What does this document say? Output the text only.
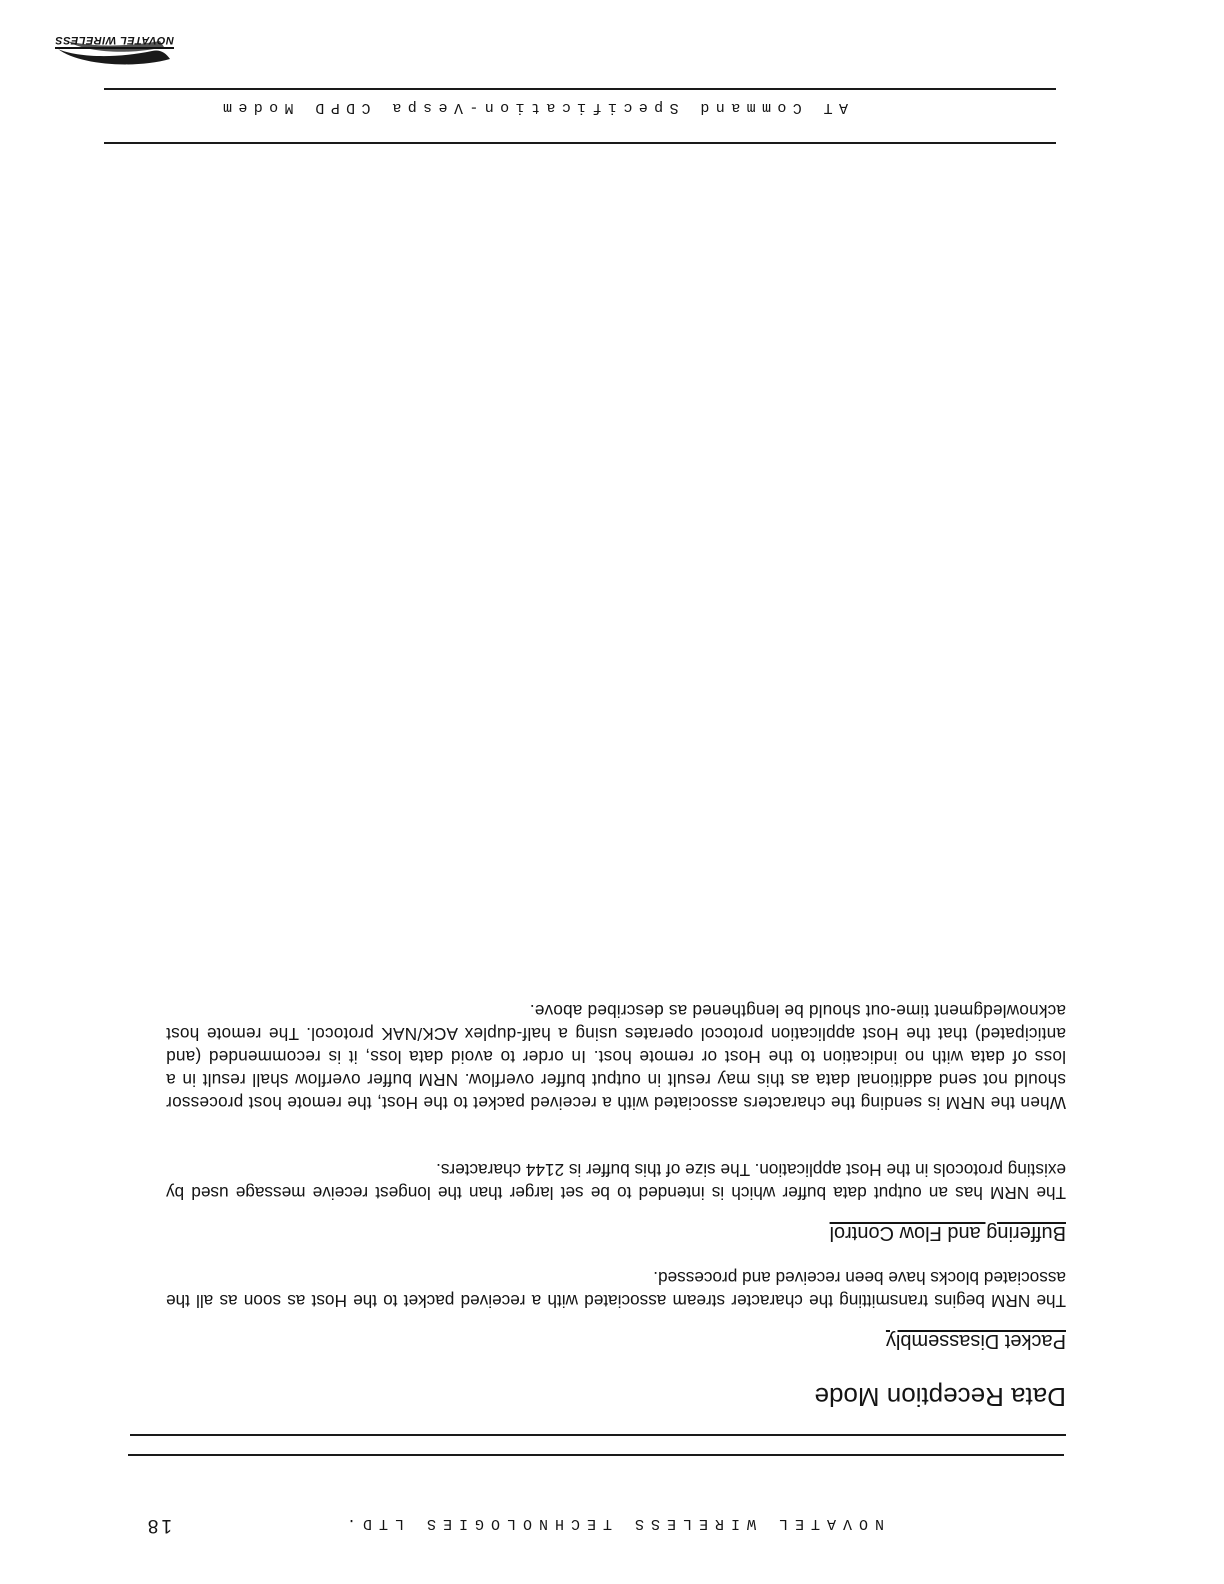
18	NOVATEL WIRELESS TECHNOLOGIES LTD.
Data Reception Mode
Packet Disassembly

The NRM begins transmitting the character stream associated with a received packet to the Host as soon as all the associated blocks have been received and processed.

Buffering and Flow Control

The NRM has an output data buffer which is intended to be set larger than the longest receive message used by existing protocols in the Host application. The size of this buffer is 2144 characters.

When the NRM is sending the characters associated with a received packet to the Host, the remote host processor should not send additional data as this may result in output buffer overflow. NRM buffer overflow shall result in a loss of data with no indication to the Host or remote host. In order to avoid data loss, it is recommended (and anticipated) that the Host application protocol operates using a half-duplex ACK/NAK protocol. The remote host acknowledgment time-out should be lengthened as described above.

AT Command Specification-Vespa CDPD Modem
NOVATEL WIRELESS
